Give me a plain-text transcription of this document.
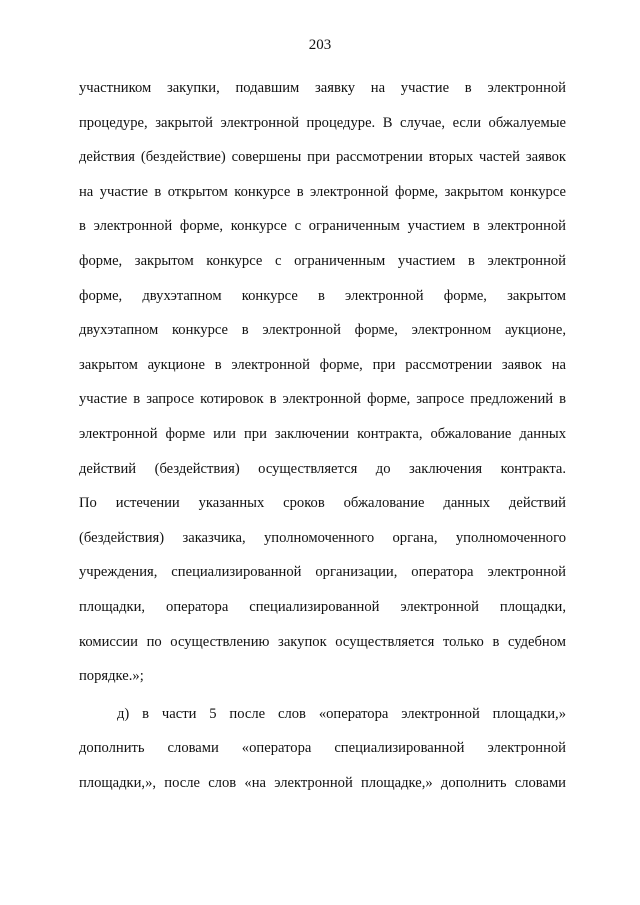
203
участником закупки, подавшим заявку на участие в электронной
процедуре, закрытой электронной процедуре. В случае, если обжалуемые
действия (бездействие) совершены при рассмотрении вторых частей заявок
на участие в открытом конкурсе в электронной форме, закрытом конкурсе
в электронной форме, конкурсе с ограниченным участием в электронной
форме, закрытом конкурсе с ограниченным участием в электронной
форме, двухэтапном конкурсе в электронной форме, закрытом
двухэтапном конкурсе в электронной форме, электронном аукционе,
закрытом аукционе в электронной форме, при рассмотрении заявок на
участие в запросе котировок в электронной форме, запросе предложений в
электронной форме или при заключении контракта, обжалование данных
действий (бездействия) осуществляется до заключения контракта.
По истечении указанных сроков обжалование данных действий
(бездействия) заказчика, уполномоченного органа, уполномоченного
учреждения, специализированной организации, оператора электронной
площадки, оператора специализированной электронной площадки,
комиссии по осуществлению закупок осуществляется только в судебном
порядке.»;
д) в части 5 после слов «оператора электронной площадки,»
дополнить словами «оператора специализированной электронной
площадки,», после слов «на электронной площадке,» дополнить словами
